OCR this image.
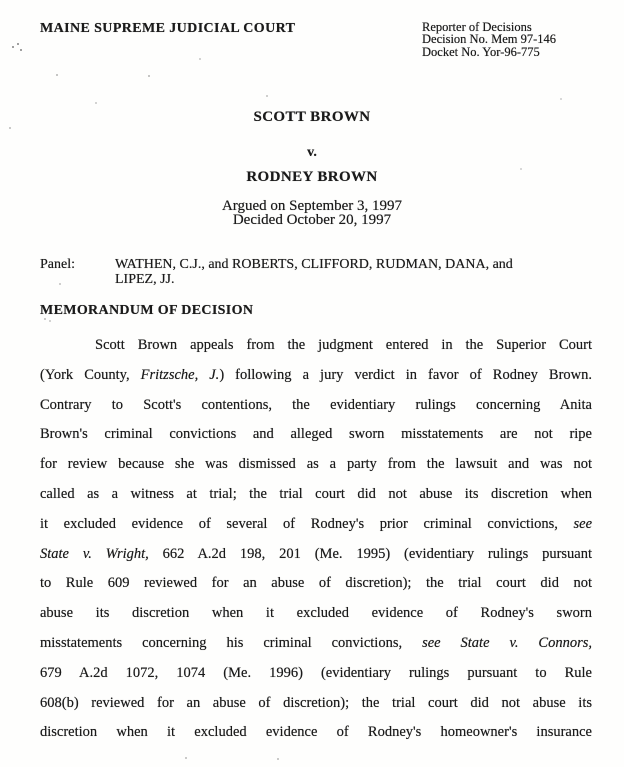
MAINE SUPREME JUDICIAL COURT	Reporter of Decisions
Decision No. Mem 97-146
Docket No. Yor-96-775
SCOTT BROWN
v.
RODNEY BROWN
Argued on September 3, 1997
Decided October 20, 1997
Panel:	WATHEN, C.J., and ROBERTS, CLIFFORD, RUDMAN, DANA, and
LIPEZ, JJ.
MEMORANDUM OF DECISION
Scott Brown appeals from the judgment entered in the Superior Court
(York County, Fritzsche, J.) following a jury verdict in favor of Rodney Brown.
Contrary to Scott's contentions, the evidentiary rulings concerning Anita
Brown's criminal convictions and alleged sworn misstatements are not ripe
for review because she was dismissed as a party from the lawsuit and was not
called as a witness at trial; the trial court did not abuse its discretion when
it excluded evidence of several of Rodney's prior criminal convictions, see
State v. Wright, 662 A.2d 198, 201 (Me. 1995) (evidentiary rulings pursuant
to Rule 609 reviewed for an abuse of discretion); the trial court did not
abuse its discretion when it excluded evidence of Rodney's sworn
misstatements concerning his criminal convictions, see State v. Connors,
679 A.2d 1072, 1074 (Me. 1996) (evidentiary rulings pursuant to Rule
608(b) reviewed for an abuse of discretion); the trial court did not abuse its
discretion when it excluded evidence of Rodney's homeowner's insurance
